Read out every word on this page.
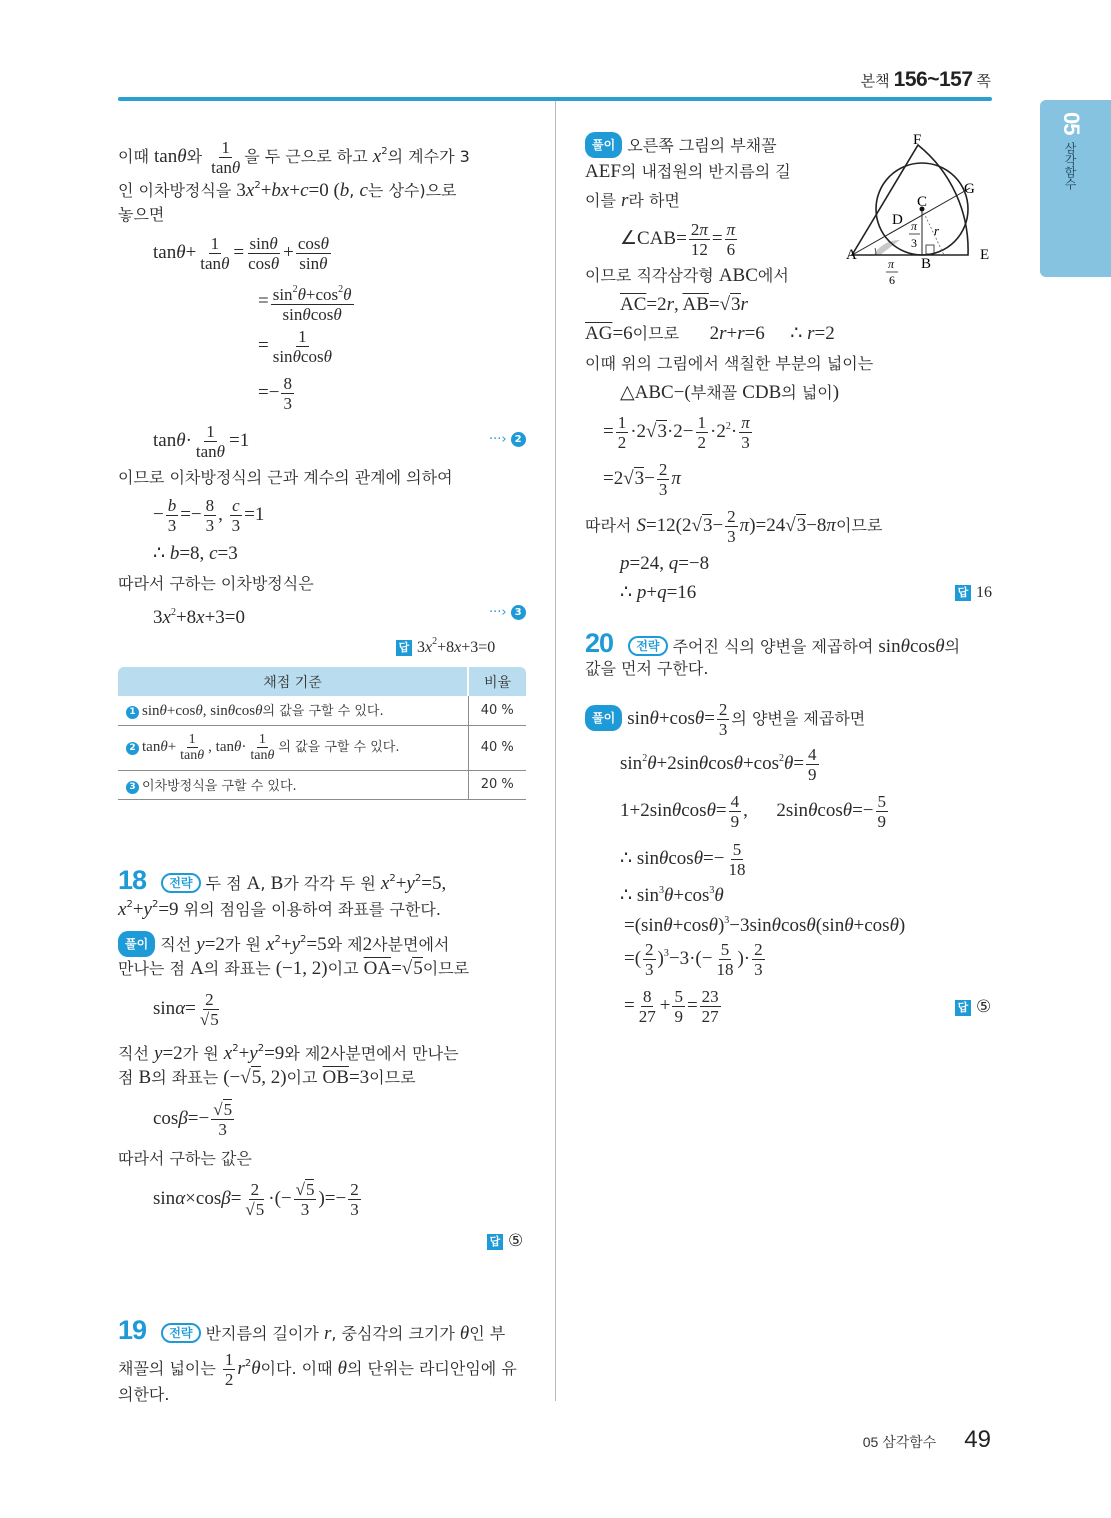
본책 156~157 쪽
05
삼각함수
이때 tanθ와 $\frac{1}{\tan\theta}$ 을 두 근으로 하고 $x^2$의 계수가 3
인 이차방정식을 $3x^2+bx+c=0$ (b, c는 상수)으로
놓으면
$\tan\theta+ \frac{1}{\tan\theta} = \frac{\sin\theta}{\cos\theta} + \frac{\cos\theta}{\sin\theta}$
= $\frac{\sin^2\theta+\cos^2\theta}{\sin\theta\cos\theta}$
= $\frac{1}{\sin\theta\cos\theta}$
=− $\frac{8}{3}$
$\tan\theta\cdot \frac{1}{\tan\theta} =1$	···› 2
이므로 이차방정식의 근과 계수의 관계에 의하여
− $\frac{b}{3} =- \frac{8}{3}$ , $\frac{c}{3} =1$
∴ b=8, c=3
따라서 구하는 이차방정식은
$3x^2+8x+3=0$	···› 3
답 $3x^2+8x+3=0$
채점 기준	비율
1 sinθ+cosθ, sinθcosθ의 값을 구할 수 있다.	40 %
2 $\tan\theta+ \frac{1}{\tan\theta}$ , $\tan\theta\cdot \frac{1}{\tan\theta}$ 의 값을 구할 수 있다.	40 %
3 이차방정식을 구할 수 있다.	20 %
18 전략 두 점 A, B가 각각 두 원 $x^2+y^2=5$,
$x^2+y^2=9$ 위의 점임을 이용하여 좌표를 구한다.
풀이 직선 y=2가 원 $x^2+y^2=5$와 제2사분면에서
만나는 점 A의 좌표는 (−1, 2)이고 $\overline{OA}=√5$이므로
$\sin\alpha= \frac{2}{√5}$
직선 y=2가 원 $x^2+y^2=9$와 제2사분면에서 만나는
점 B의 좌표는 (−√5, 2)이고 $\overline{OB}=3$이므로
$\cos\beta=- \frac{√5}{3}$
따라서 구하는 값은
$\sin\alpha\times\cos\beta= \frac{2}{√5}$ ·(− $\frac{√5}{3}$ )=− $\frac{2}{3}$
답 ⑤
19 전략 반지름의 길이가 r, 중심각의 크기가 θ인 부
채꼴의 넓이는 $\frac{1}{2} r^2\theta$이다. 이때 θ의 단위는 라디안임에 유
의한다.
풀이 오른쪽 그림의 부채꼴
AEF의 내접원의 반지름의 길
이를 r라 하면
∠CAB= $\frac{2\pi}{12} = \frac{\pi}{6}$
이므로 직각삼각형 ABC에서
$\overline{AC}=2r$, $\overline{AB}=√3r$
$\overline{AG}=6$이므로      2r+r=6 ∴ r=2
이때 위의 그림에서 색칠한 부분의 넓이는
△ABC−(부채꼴 CDB의 넓이)
= $\frac{1}{2} \cdot 2√3\cdot 2- \frac{1}{2} \cdot 2^2\cdot \frac{\pi}{3}$
$=2√3- \frac{2}{3}$ π
따라서 $S=12(2√3- \frac{2}{3} \pi)=24√3-8\pi$이므로
p=24, q=−8
∴ p+q=16	답 16
F
G
C
D
A
B
E
r
π
3
π
6
20 전략 주어진 식의 양변을 제곱하여 sinθcosθ의
값을 먼저 구한다.
풀이 $\sin\theta+\cos\theta= \frac{2}{3}$ 의 양변을 제곱하면
$\sin^2\theta+2\sin\theta\cos\theta+\cos^2\theta= \frac{4}{9}$
$1+2\sin\theta\cos\theta= \frac{4}{9}$ ,      $2\sin\theta\cos\theta=- \frac{5}{9}$
∴ $\sin\theta\cos\theta=- \frac{5}{18}$
∴ $\sin^3\theta+\cos^3\theta$
$=(\sin\theta+\cos\theta)^3-3\sin\theta\cos\theta(\sin\theta+\cos\theta)$
=( $\frac{2}{3} )^3-3\cdot(- \frac{5}{18}$ )· $\frac{2}{3}$
= $\frac{8}{27} + \frac{5}{9} = \frac{23}{27}$	답 ⑤
05 삼각함수 49
